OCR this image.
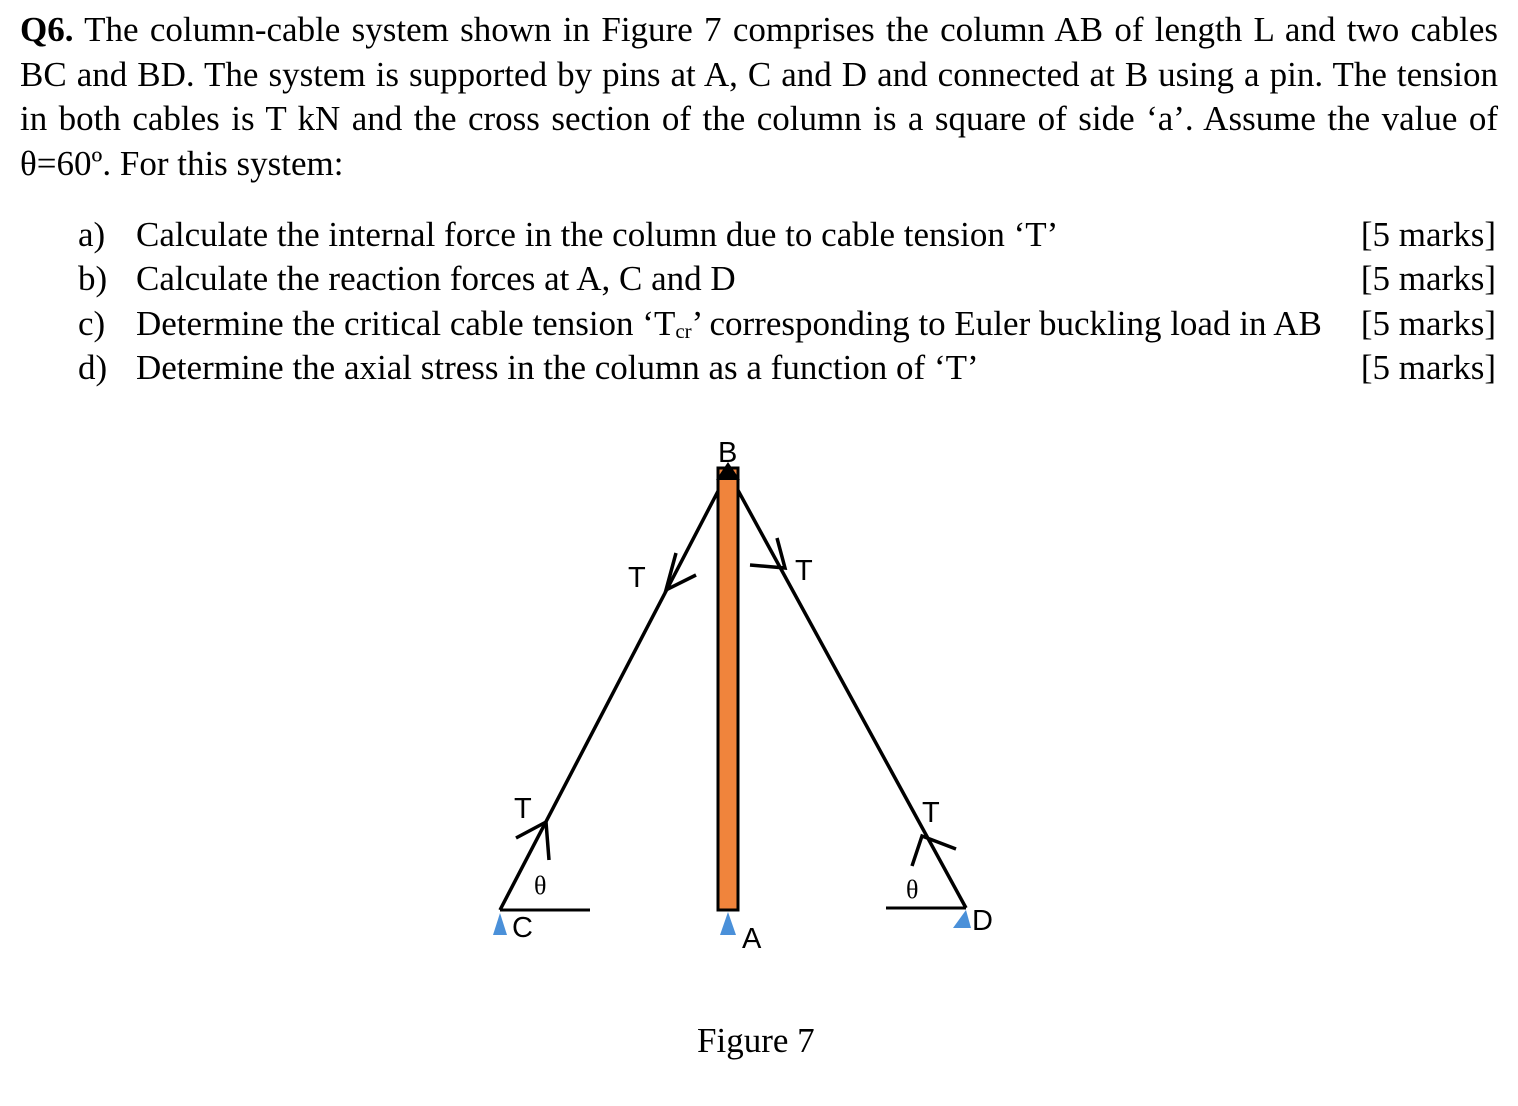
Q6. The column-cable system shown in Figure 7 comprises the column AB of length L and two cables BC and BD. The system is supported by pins at A, C and D and connected at B using a pin. The tension in both cables is T kN and the cross section of the column is a square of side ‘a’. Assume the value of θ=60º. For this system:
a) Calculate the internal force in the column due to cable tension ‘T’	[5 marks]
b) Calculate the reaction forces at A, C and D	[5 marks]
c) Determine the critical cable tension ‘$T_{cr}$’ corresponding to Euler buckling load in AB	[5 marks]
d) Determine the axial stress in the column as a function of ‘T’	[5 marks]
B
A
C	D
T	T
T	T
θ	θ
Figure 7
